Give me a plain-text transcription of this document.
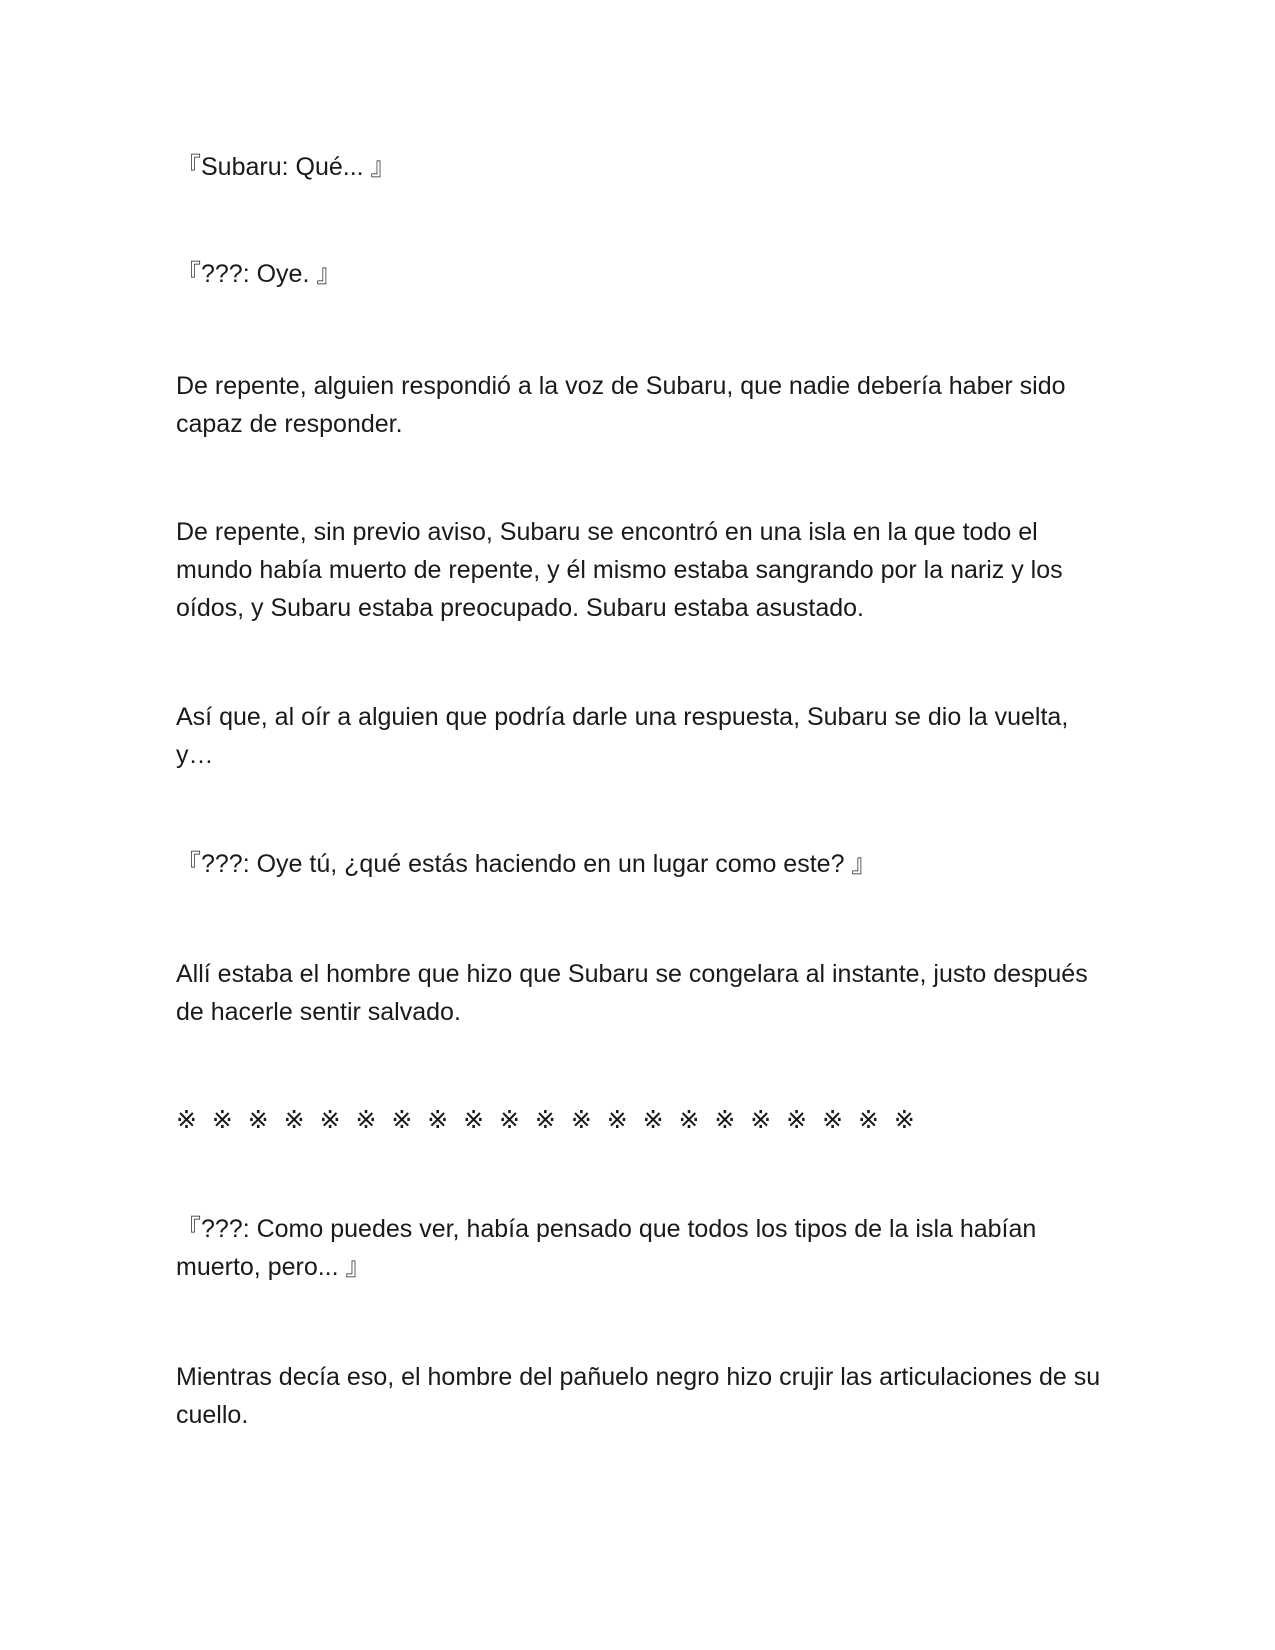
『Subaru: Qué... 』

『???: Oye. 』

De repente, alguien respondió a la voz de Subaru, que nadie debería haber sido capaz de responder.

De repente, sin previo aviso, Subaru se encontró en una isla en la que todo el mundo había muerto de repente, y él mismo estaba sangrando por la nariz y los oídos, y Subaru estaba preocupado. Subaru estaba asustado.

Así que, al oír a alguien que podría darle una respuesta, Subaru se dio la vuelta, y…

『???: Oye tú, ¿qué estás haciendo en un lugar como este? 』

Allí estaba el hombre que hizo que Subaru se congelara al instante, justo después de hacerle sentir salvado.

※ ※ ※ ※ ※ ※ ※ ※ ※ ※ ※ ※ ※ ※ ※ ※ ※ ※ ※ ※ ※

『???: Como puedes ver, había pensado que todos los tipos de la isla habían muerto, pero... 』

Mientras decía eso, el hombre del pañuelo negro hizo crujir las articulaciones de su cuello.
